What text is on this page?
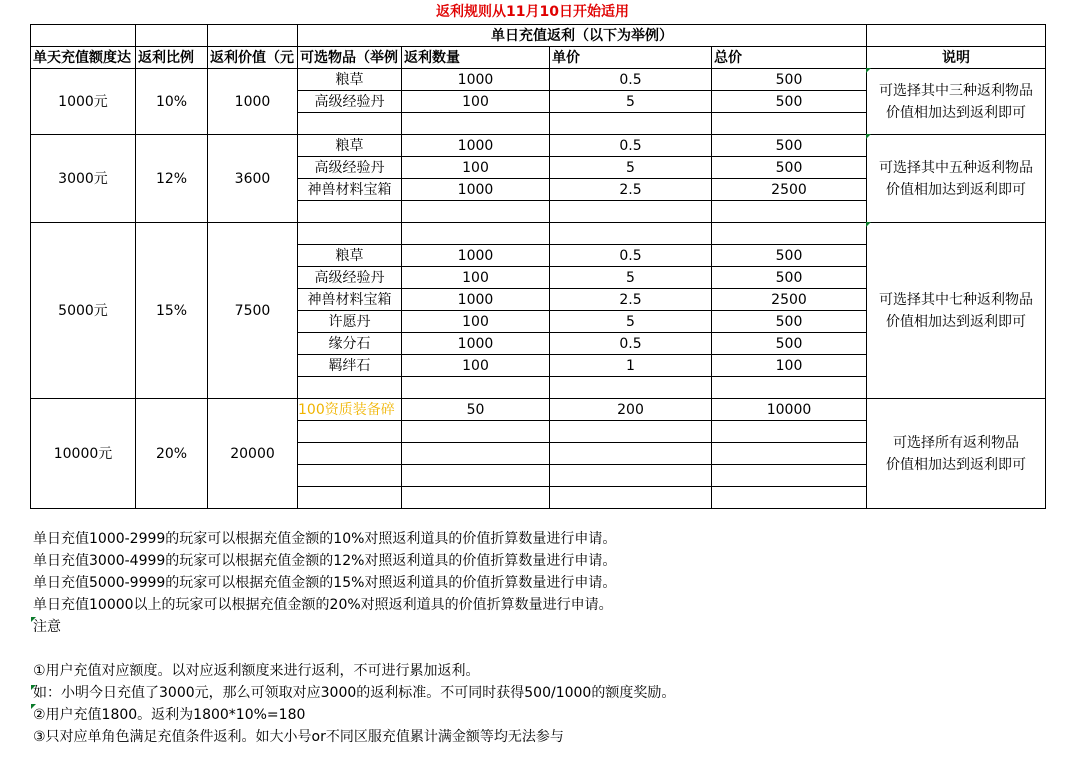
返利规则从11月10日开始适用
			单日充值返利（以下为举例）				
单天充值额度达	返利比例	返利价值（元	可选物品（举例	返利数量	单价	总价	说明
1000元	10%	1000	粮草	1000	0.5	500	可选择其中三种返利物品
价值相加达到返利即可

			高级经验丹	100	5	500	

3000元	12%	3600	粮草	1000	0.5	500	可选择其中五种返利物品
价值相加达到返利即可

			高级经验丹	100	5	500	
			神兽材料宝箱	1000	2.5	2500	

5000元	15%	7500					可选择其中七种返利物品
价值相加达到返利即可

			粮草	1000	0.5	500	
			高级经验丹	100	5	500	
			神兽材料宝箱	1000	2.5	2500	
			许愿丹	100	5	500	
			缘分石	1000	0.5	500	
			羁绊石	100	1	100	

10000元	20%	20000	100资质装备碎	50	200	10000	可选择所有返利物品
价值相加达到返利即可

单日充值1000-2999的玩家可以根据充值金额的10%对照返利道具的价值折算数量进行申请。
单日充值3000-4999的玩家可以根据充值金额的12%对照返利道具的价值折算数量进行申请。
单日充值5000-9999的玩家可以根据充值金额的15%对照返利道具的价值折算数量进行申请。
单日充值10000以上的玩家可以根据充值金额的20%对照返利道具的价值折算数量进行申请。
注意
①用户充值对应额度。以对应返利额度来进行返利，不可进行累加返利。
如：小明今日充值了3000元，那么可领取对应3000的返利标准。不可同时获得500/1000的额度奖励。
②用户充值1800。返利为1800*10%=180
③只对应单角色满足充值条件返利。如大小号or不同区服充值累计满金额等均无法参与
